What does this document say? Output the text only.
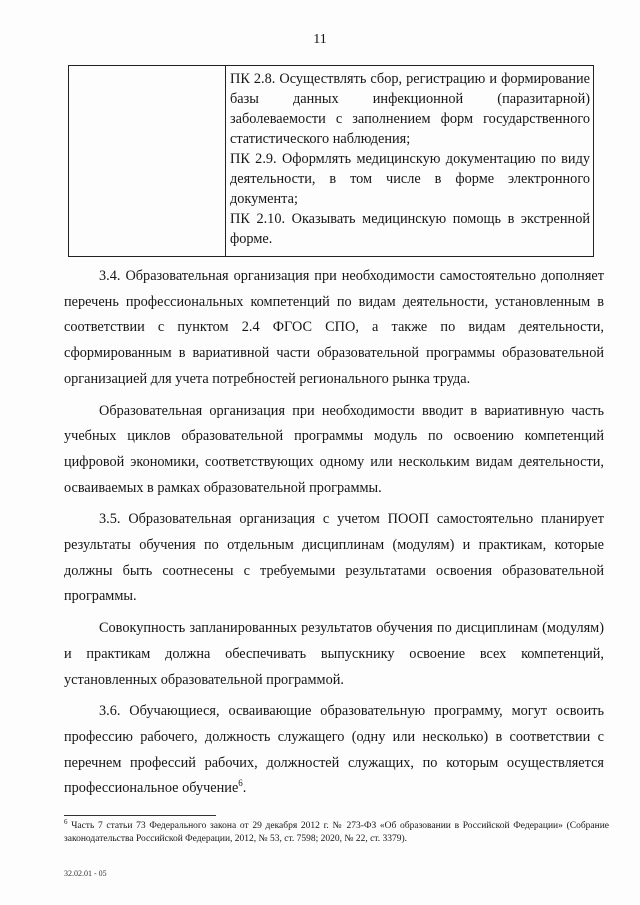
11

ПК 2.8. Осуществлять сбор, регистрацию и формирование базы данных инфекционной (паразитарной) заболеваемости с заполнением форм государственного статистического наблюдения;

ПК 2.9. Оформлять медицинскую документацию по виду деятельности, в том числе в форме электронного документа;

ПК 2.10. Оказывать медицинскую помощь в экстренной форме.

3.4. Образовательная организация при необходимости самостоятельно дополняет перечень профессиональных компетенций по видам деятельности, установленным в соответствии с пунктом 2.4 ФГОС СПО, а также по видам деятельности, сформированным в вариативной части образовательной программы образовательной организацией для учета потребностей регионального рынка труда.

Образовательная организация при необходимости вводит в вариативную часть учебных циклов образовательной программы модуль по освоению компетенций цифровой экономики, соответствующих одному или нескольким видам деятельности, осваиваемых в рамках образовательной программы.

3.5. Образовательная организация с учетом ПООП самостоятельно планирует результаты обучения по отдельным дисциплинам (модулям) и практикам, которые должны быть соотнесены с требуемыми результатами освоения образовательной программы.

Совокупность запланированных результатов обучения по дисциплинам (модулям) и практикам должна обеспечивать выпускнику освоение всех компетенций, установленных образовательной программой.

3.6. Обучающиеся, осваивающие образовательную программу, могут освоить профессию рабочего, должность служащего (одну или несколько) в соответствии с перечнем профессий рабочих, должностей служащих, по которым осуществляется профессиональное обучение$^6$.

$^6$ Часть 7 статьи 73 Федерального закона от 29 декабря 2012 г. № 273-ФЗ «Об образовании в Российской Федерации» (Собрание законодательства Российской Федерации, 2012, № 53, ст. 7598; 2020, № 22, ст. 3379).
32.02.01 - 05
